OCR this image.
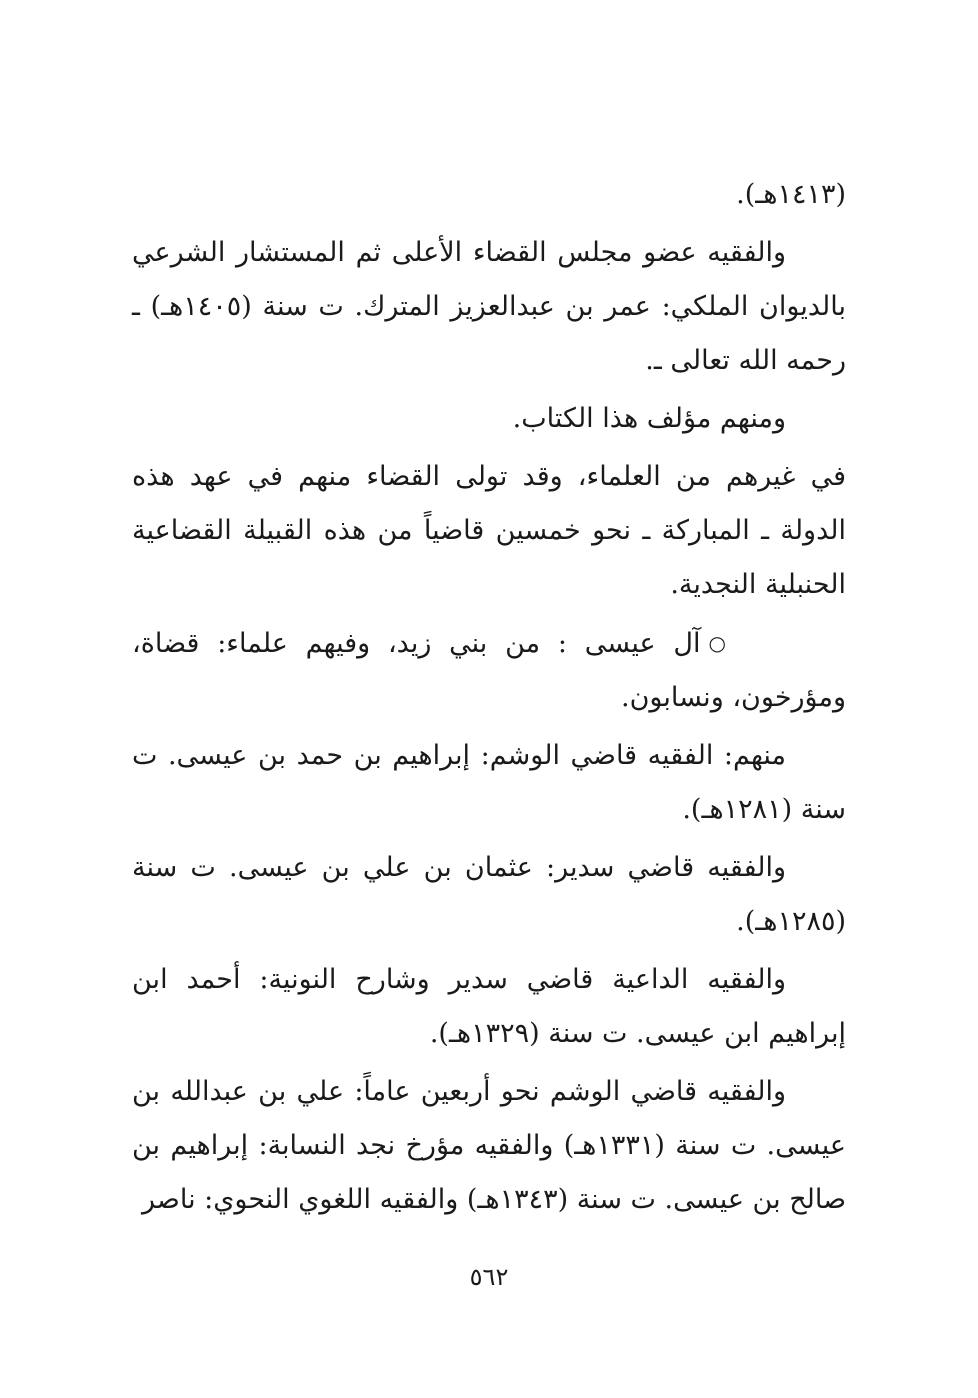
(١٤١٣هـ).

والفقيه عضو مجلس القضاء الأعلى ثم المستشار الشرعي بالديوان الملكي: عمر بن عبدالعزيز المترك. ت سنة (١٤٠٥هـ) ـ رحمه الله تعالى ـ.

ومنهم مؤلف هذا الكتاب.

في غيرهم من العلماء، وقد تولى القضاء منهم في عهد هذه الدولة ـ المباركة ـ نحو خمسين قاضياً من هذه القبيلة القضاعية الحنبلية النجدية.

○آل عيسى : من بني زيد، وفيهم علماء: قضاة، ومؤرخون، ونسابون.

منهم: الفقيه قاضي الوشم: إبراهيم بن حمد بن عيسى. ت سنة (١٢٨١هـ).

والفقيه قاضي سدير: عثمان بن علي بن عيسى. ت سنة (١٢٨٥هـ).

والفقيه الداعية قاضي سدير وشارح النونية: أحمد ابن إبراهيم ابن عيسى. ت سنة (١٣٢٩هـ).

والفقيه قاضي الوشم نحو أربعين عاماً: علي بن عبدالله بن عيسى. ت سنة (١٣٣١هـ) والفقيه مؤرخ نجد النسابة: إبراهيم بن صالح بن عيسى. ت سنة (١٣٤٣هـ) والفقيه اللغوي النحوي: ناصر

٥٦٢
